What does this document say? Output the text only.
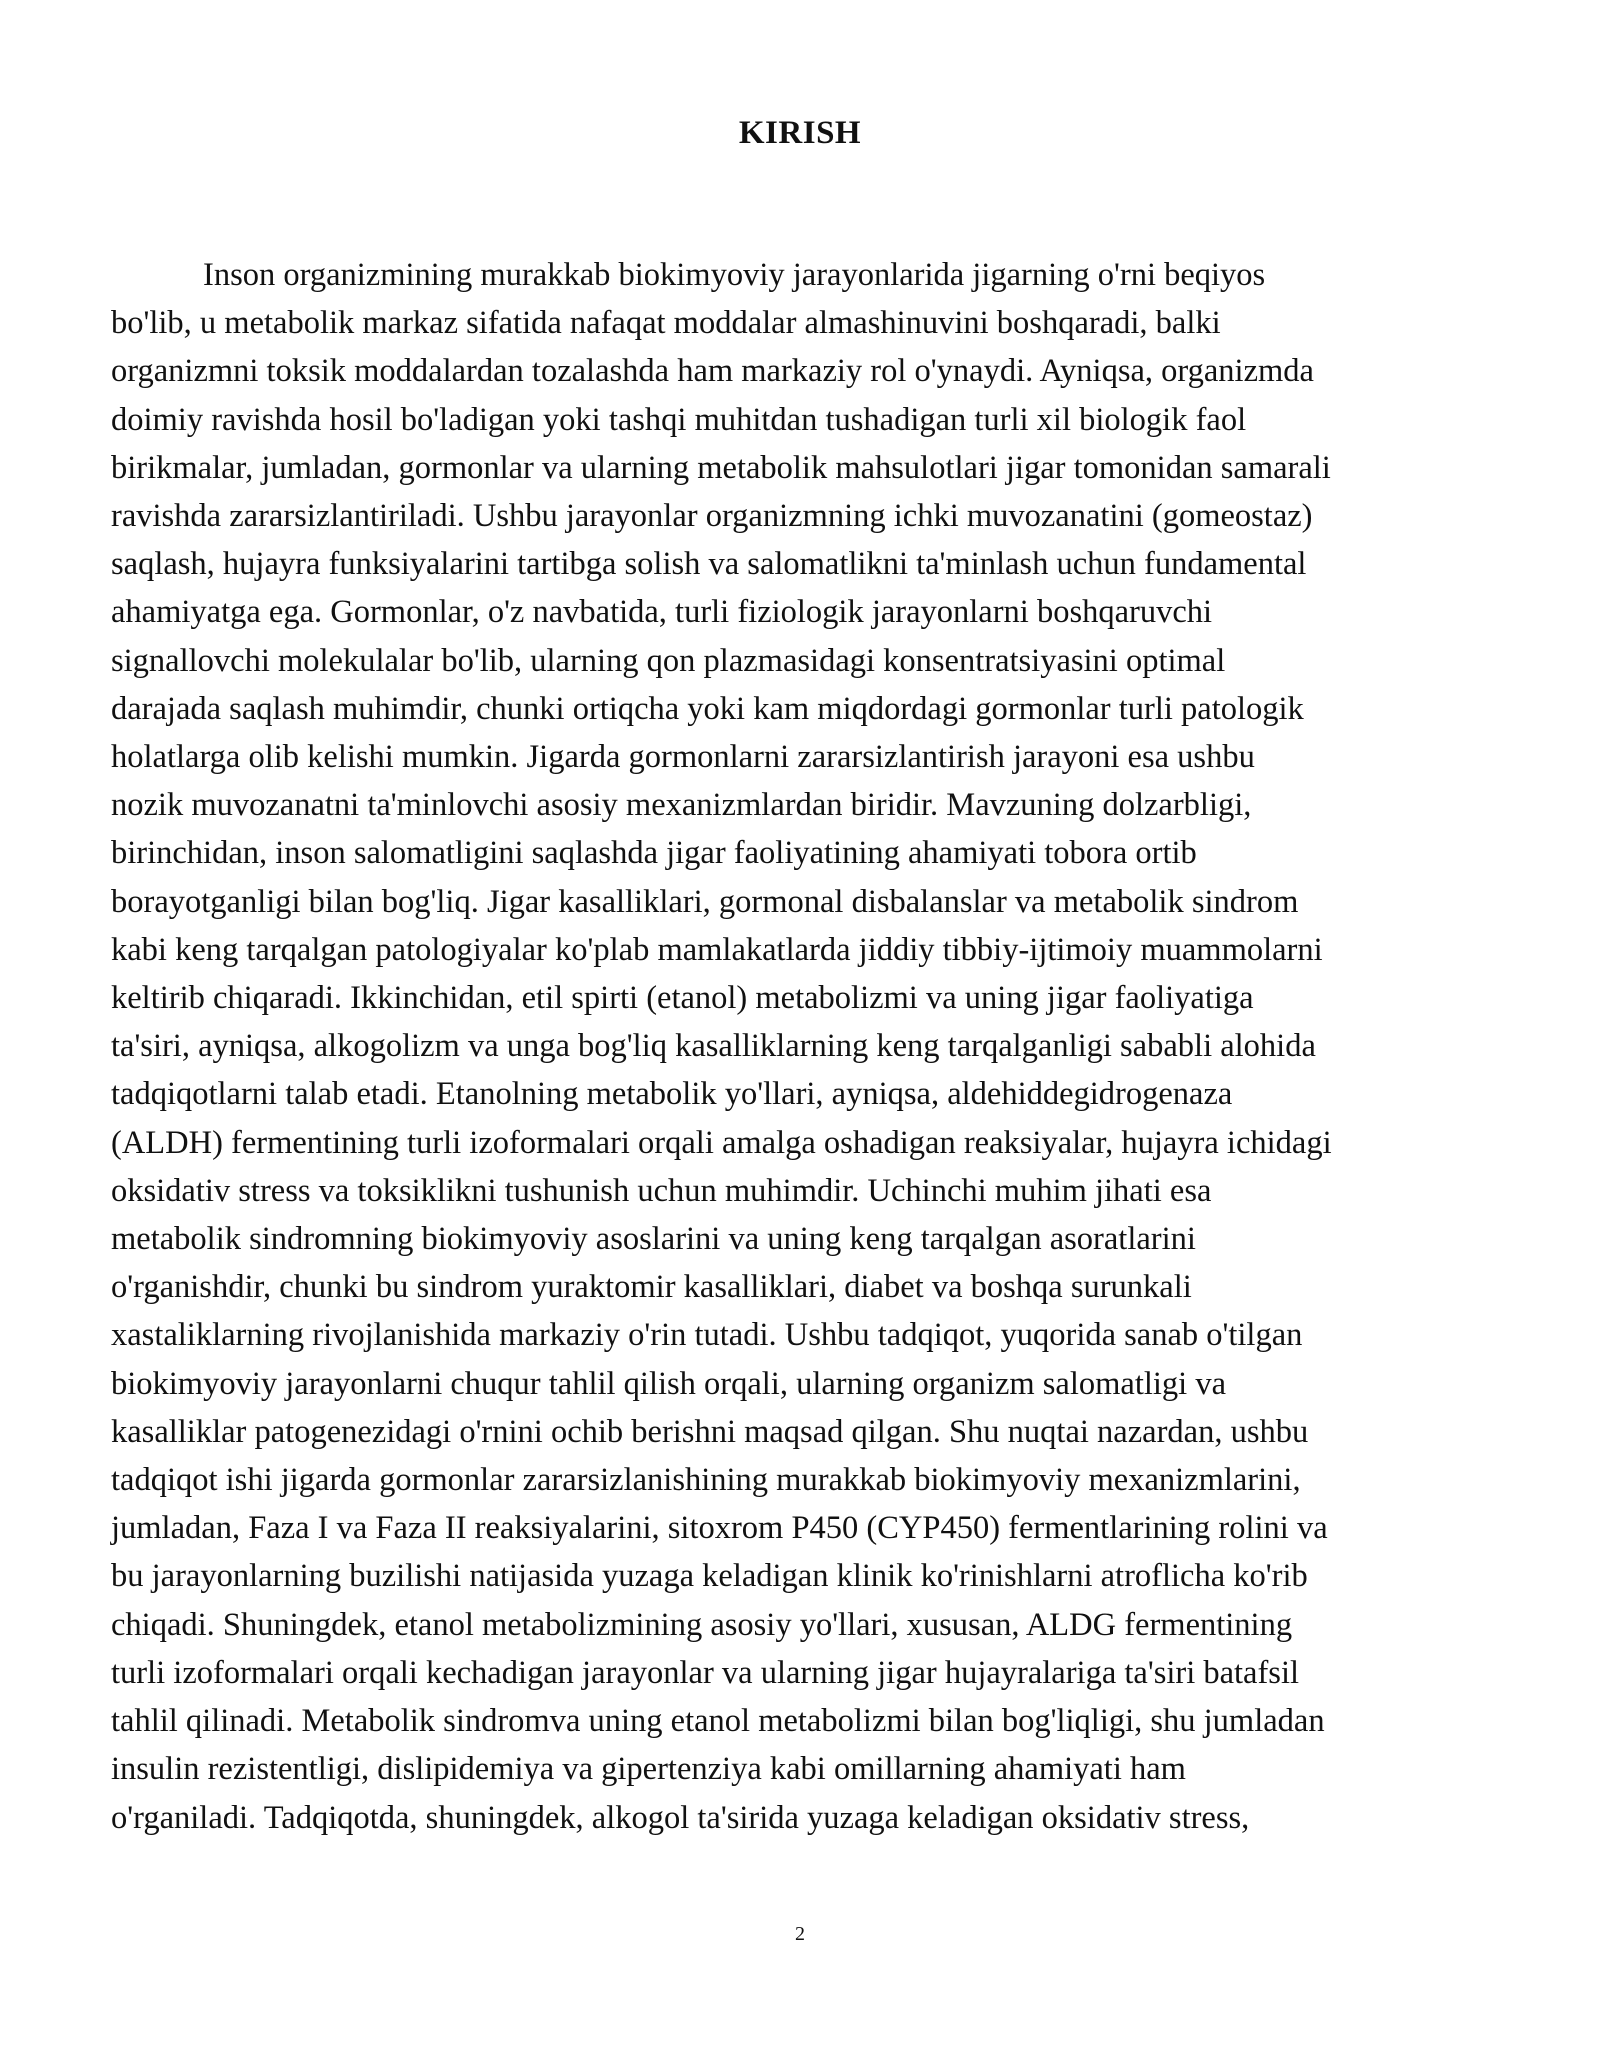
KIRISH
Inson organizmining murakkab biokimyoviy jarayonlarida jigarning o'rni beqiyos
bo'lib, u metabolik markaz sifatida nafaqat moddalar almashinuvini boshqaradi, balki
organizmni toksik moddalardan tozalashda ham markaziy rol o'ynaydi. Ayniqsa, organizmda
doimiy ravishda hosil bo'ladigan yoki tashqi muhitdan tushadigan turli xil biologik faol
birikmalar, jumladan, gormonlar va ularning metabolik mahsulotlari jigar tomonidan samarali
ravishda zararsizlantiriladi. Ushbu jarayonlar organizmning ichki muvozanatini (gomeostaz)
saqlash, hujayra funksiyalarini tartibga solish va salomatlikni ta'minlash uchun fundamental
ahamiyatga ega. Gormonlar, o'z navbatida, turli fiziologik jarayonlarni boshqaruvchi
signallovchi molekulalar bo'lib, ularning qon plazmasidagi konsentratsiyasini optimal
darajada saqlash muhimdir, chunki ortiqcha yoki kam miqdordagi gormonlar turli patologik
holatlarga olib kelishi mumkin. Jigarda gormonlarni zararsizlantirish jarayoni esa ushbu
nozik muvozanatni ta'minlovchi asosiy mexanizmlardan biridir. Mavzuning dolzarbligi,
birinchidan, inson salomatligini saqlashda jigar faoliyatining ahamiyati tobora ortib
borayotganligi bilan bog'liq. Jigar kasalliklari, gormonal disbalanslar va metabolik sindrom
kabi keng tarqalgan patologiyalar ko'plab mamlakatlarda jiddiy tibbiy-ijtimoiy muammolarni
keltirib chiqaradi. Ikkinchidan, etil spirti (etanol) metabolizmi va uning jigar faoliyatiga
ta'siri, ayniqsa, alkogolizm va unga bog'liq kasalliklarning keng tarqalganligi sababli alohida
tadqiqotlarni talab etadi. Etanolning metabolik yo'llari, ayniqsa, aldehiddegidrogenaza
(ALDH) fermentining turli izoformalari orqali amalga oshadigan reaksiyalar, hujayra ichidagi
oksidativ stress va toksiklikni tushunish uchun muhimdir. Uchinchi muhim jihati esa
metabolik sindromning biokimyoviy asoslarini va uning keng tarqalgan asoratlarini
o'rganishdir, chunki bu sindrom yuraktomir kasalliklari, diabet va boshqa surunkali
xastaliklarning rivojlanishida markaziy o'rin tutadi. Ushbu tadqiqot, yuqorida sanab o'tilgan
biokimyoviy jarayonlarni chuqur tahlil qilish orqali, ularning organizm salomatligi va
kasalliklar patogenezidagi o'rnini ochib berishni maqsad qilgan. Shu nuqtai nazardan, ushbu
tadqiqot ishi jigarda gormonlar zararsizlanishining murakkab biokimyoviy mexanizmlarini,
jumladan, Faza I va Faza II reaksiyalarini, sitoxrom P450 (CYP450) fermentlarining rolini va
bu jarayonlarning buzilishi natijasida yuzaga keladigan klinik ko'rinishlarni atroflicha ko'rib
chiqadi. Shuningdek, etanol metabolizmining asosiy yo'llari, xususan, ALDG fermentining
turli izoformalari orqali kechadigan jarayonlar va ularning jigar hujayralariga ta'siri batafsil
tahlil qilinadi. Metabolik sindromva uning etanol metabolizmi bilan bog'liqligi, shu jumladan
insulin rezistentligi, dislipidemiya va gipertenziya kabi omillarning ahamiyati ham
o'rganiladi. Tadqiqotda, shuningdek, alkogol ta'sirida yuzaga keladigan oksidativ stress,
2
